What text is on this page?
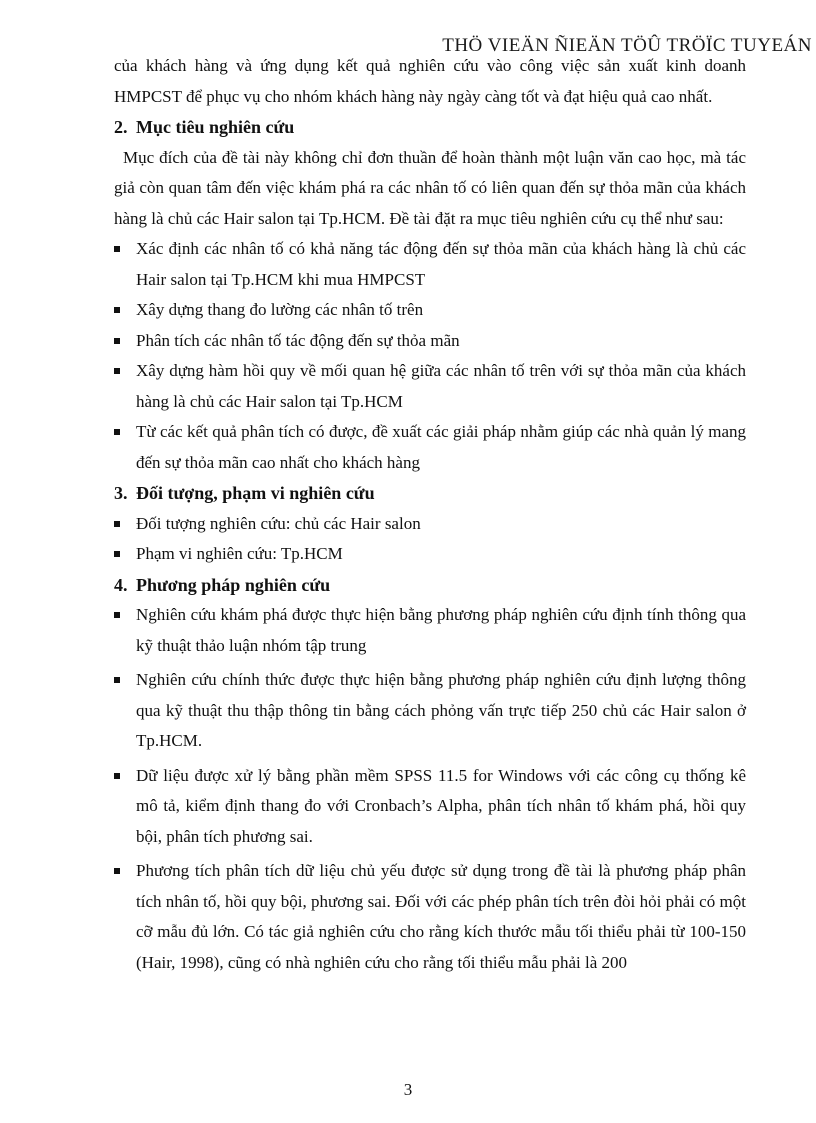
THÖ VIEÄN ÑIEÄN TÖÛ TRÖÏC TUYEÁN

của khách hàng và ứng dụng kết quả nghiên cứu vào công việc sản xuất kinh doanh HMPCST để phục vụ cho nhóm khách hàng này ngày càng tốt và đạt hiệu quả cao nhất.

2. Mục tiêu nghiên cứu

Mục đích của đề tài này không chỉ đơn thuần để hoàn thành một luận văn cao học, mà tác giả còn quan tâm đến việc khám phá ra các nhân tố có liên quan đến sự thỏa mãn của khách hàng là chủ các Hair salon tại Tp.HCM. Đề tài đặt ra mục tiêu nghiên cứu cụ thể như sau:

Xác định các nhân tố có khả năng tác động đến sự thỏa mãn của khách hàng là chủ các Hair salon tại Tp.HCM khi mua HMPCST
Xây dựng thang đo lường các nhân tố trên
Phân tích các nhân tố tác động đến sự thỏa mãn
Xây dựng hàm hồi quy về mối quan hệ giữa các nhân tố trên với sự thỏa mãn của khách hàng là chủ các Hair salon tại Tp.HCM
Từ các kết quả phân tích có được, đề xuất các giải pháp nhằm giúp các nhà quản lý mang đến sự thỏa mãn cao nhất cho khách hàng

3. Đối tượng, phạm vi nghiên cứu

Đối tượng nghiên cứu: chủ các Hair salon
Phạm vi nghiên cứu: Tp.HCM

4. Phương pháp nghiên cứu

Nghiên cứu khám phá được thực hiện bằng phương pháp nghiên cứu định tính thông qua kỹ thuật thảo luận nhóm tập trung
Nghiên cứu chính thức được thực hiện bằng phương pháp nghiên cứu định lượng thông qua kỹ thuật thu thập thông tin bằng cách phỏng vấn trực tiếp 250 chủ các Hair salon ở Tp.HCM.
Dữ liệu được xử lý bằng phần mềm SPSS 11.5 for Windows với các công cụ thống kê mô tả, kiểm định thang đo với Cronbach’s Alpha, phân tích nhân tố khám phá, hồi quy bội, phân tích phương sai.
Phương tích phân tích dữ liệu chủ yếu được sử dụng trong đề tài là phương pháp phân tích nhân tố, hồi quy bội, phương sai. Đối với các phép phân tích trên đòi hỏi phải có một cỡ mẫu đủ lớn. Có tác giả nghiên cứu cho rằng kích thước mẫu tối thiểu phải từ 100-150 (Hair, 1998), cũng có nhà nghiên cứu cho rằng tối thiểu mẫu phải là 200
3
